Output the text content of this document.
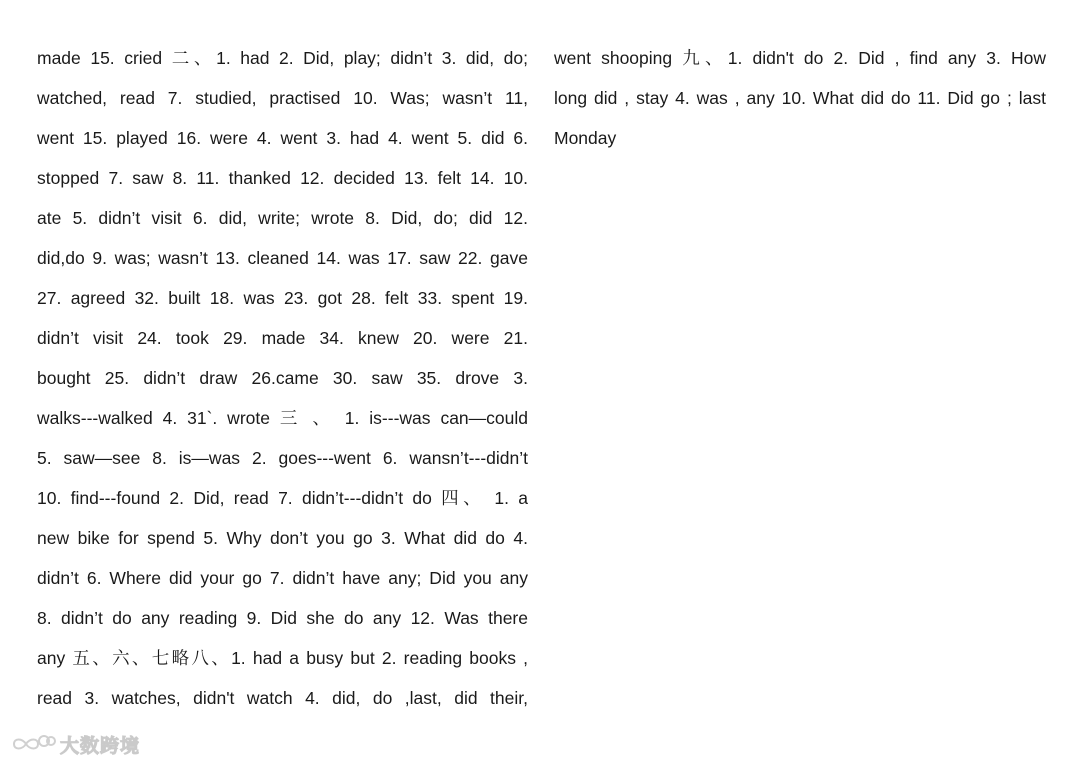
made 15. cried 二、1. had 2. Did, play; didn’t 3. did, do;
watched, read 7. studied, practised 10. Was; wasn’t 11,
went 15. played 16. were 4. went 3. had 4. went 5. did 6.
stopped 7. saw 8. 11. thanked 12. decided 13. felt 14. 10.
ate 5. didn’t visit 6. did, write; wrote 8. Did, do; did 12.
did,do 9. was; wasn’t 13. cleaned 14. was 17. saw 22. gave
27. agreed 32. built 18. was 23. got 28. felt 33. spent 19.
didn’t visit 24. took 29. made 34. knew 20. were 21.
bought 25. didn’t draw 26.came 30. saw 35. drove 3.
walks---walked 4. 31`. wrote 三 、 1. is---was can—could
5. saw—see 8. is—was 2. goes---went 6. wansn’t---didn’t
10. find---found 2. Did, read 7. didn’t---didn’t do 四、 1. a
new bike for spend 5. Why don’t you go 3. What did do 4.
didn’t 6. Where did your go 7. didn’t have any; Did you any
8. didn’t do any reading 9. Did she do any 12. Was there
any 五、六、七略八、1. had a busy but 2. reading books ,
read 3. watches, didn't watch 4. did, do ,last, did their,
went shooping 九、1. didn't do 2. Did , find any 3. How
long did , stay 4. was , any 10. What did do 11. Did go ; last
Monday
大数跨境
